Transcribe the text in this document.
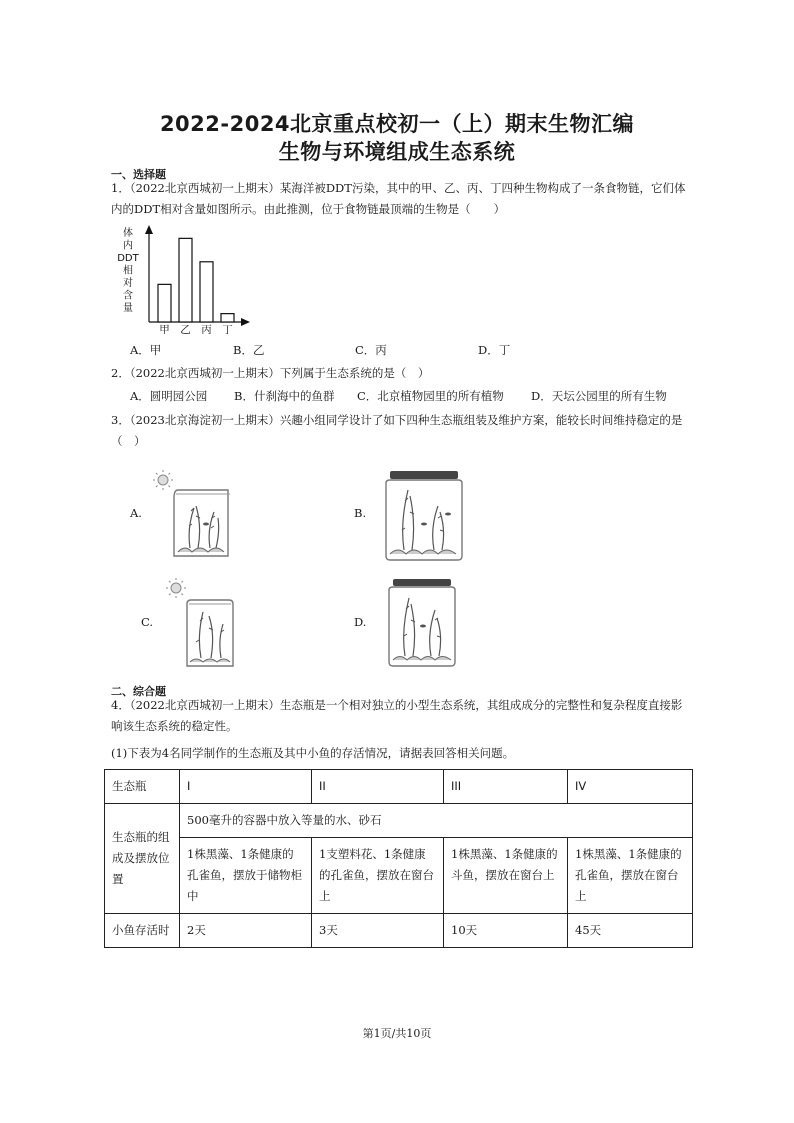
2022-2024北京重点校初一（上）期末生物汇编
生物与环境组成生态系统
一、选择题
1．（2022北京西城初一上期末）某海洋被DDT污染，其中的甲、乙、丙、丁四种生物构成了一条食物链，它们体内的DDT相对含量如图所示。由此推测，位于食物链最顶端的生物是（　　）
体
内
DDT
相
对
含
量
甲 乙 丙 丁
A．甲	B．乙	C．丙	D．丁
2．（2022北京西城初一上期末）下列属于生态系统的是（　）
A．圆明园公园 B．什刹海中的鱼群 C．北京植物园里的所有植物 D．天坛公园里的所有生物
3．（2023北京海淀初一上期末）兴趣小组同学设计了如下四种生态瓶组装及维护方案，能较长时间维持稳定的是（　）
A.	B.
C.	D.
二、综合题
4．（2022北京西城初一上期末）生态瓶是一个相对独立的小型生态系统，其组成成分的完整性和复杂程度直接影响该生态系统的稳定性。
(1)下表为4名同学制作的生态瓶及其中小鱼的存活情况，请据表回答相关问题。
生态瓶	I	II	III	IV
生态瓶的组成及摆放位置	500毫升的容器中放入等量的水、砂石			
	1株黑藻、1条健康的孔雀鱼，摆放于储物柜中	1支塑料花、1条健康的孔雀鱼，摆放在窗台上	1株黑藻、1条健康的斗鱼，摆放在窗台上	1株黑藻、1条健康的孔雀鱼，摆放在窗台上
小鱼存活时	2天	3天	10天	45天
第1页/共10页
